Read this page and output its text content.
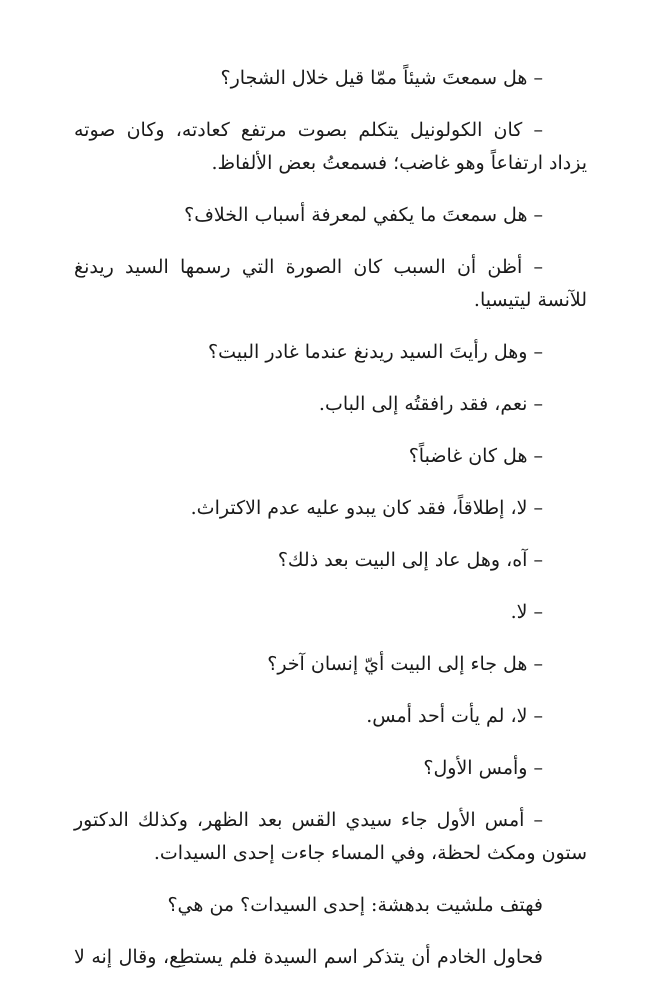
– هل سمعتَ شيئاً ممّا قيل خلال الشجار؟

– كان الكولونيل يتكلم بصوت مرتفع كعادته، وكان صوته يزداد ارتفاعاً وهو غاضب؛ فسمعتُ بعض الألفاظ.

– هل سمعتَ ما يكفي لمعرفة أسباب الخلاف؟

– أظن أن السبب كان الصورة التي رسمها السيد ريدنغ للآنسة ليتيسيا.

– وهل رأيتَ السيد ريدنغ عندما غادر البيت؟

– نعم، فقد رافقتُه إلى الباب.

– هل كان غاضباً؟

– لا، إطلاقاً، فقد كان يبدو عليه عدم الاكتراث.

– آه، وهل عاد إلى البيت بعد ذلك؟

– لا.

– هل جاء إلى البيت أيّ إنسان آخر؟

– لا، لم يأت أحد أمس.

– وأمس الأول؟

– أمس الأول جاء سيدي القس بعد الظهر، وكذلك الدكتور ستون ومكث لحظة، وفي المساء جاءت إحدى السيدات.

فهتف ملشيت بدهشة: إحدى السيدات؟ من هي؟

فحاول الخادم أن يتذكر اسم السيدة فلم يستطِع، وقال إنه لا
